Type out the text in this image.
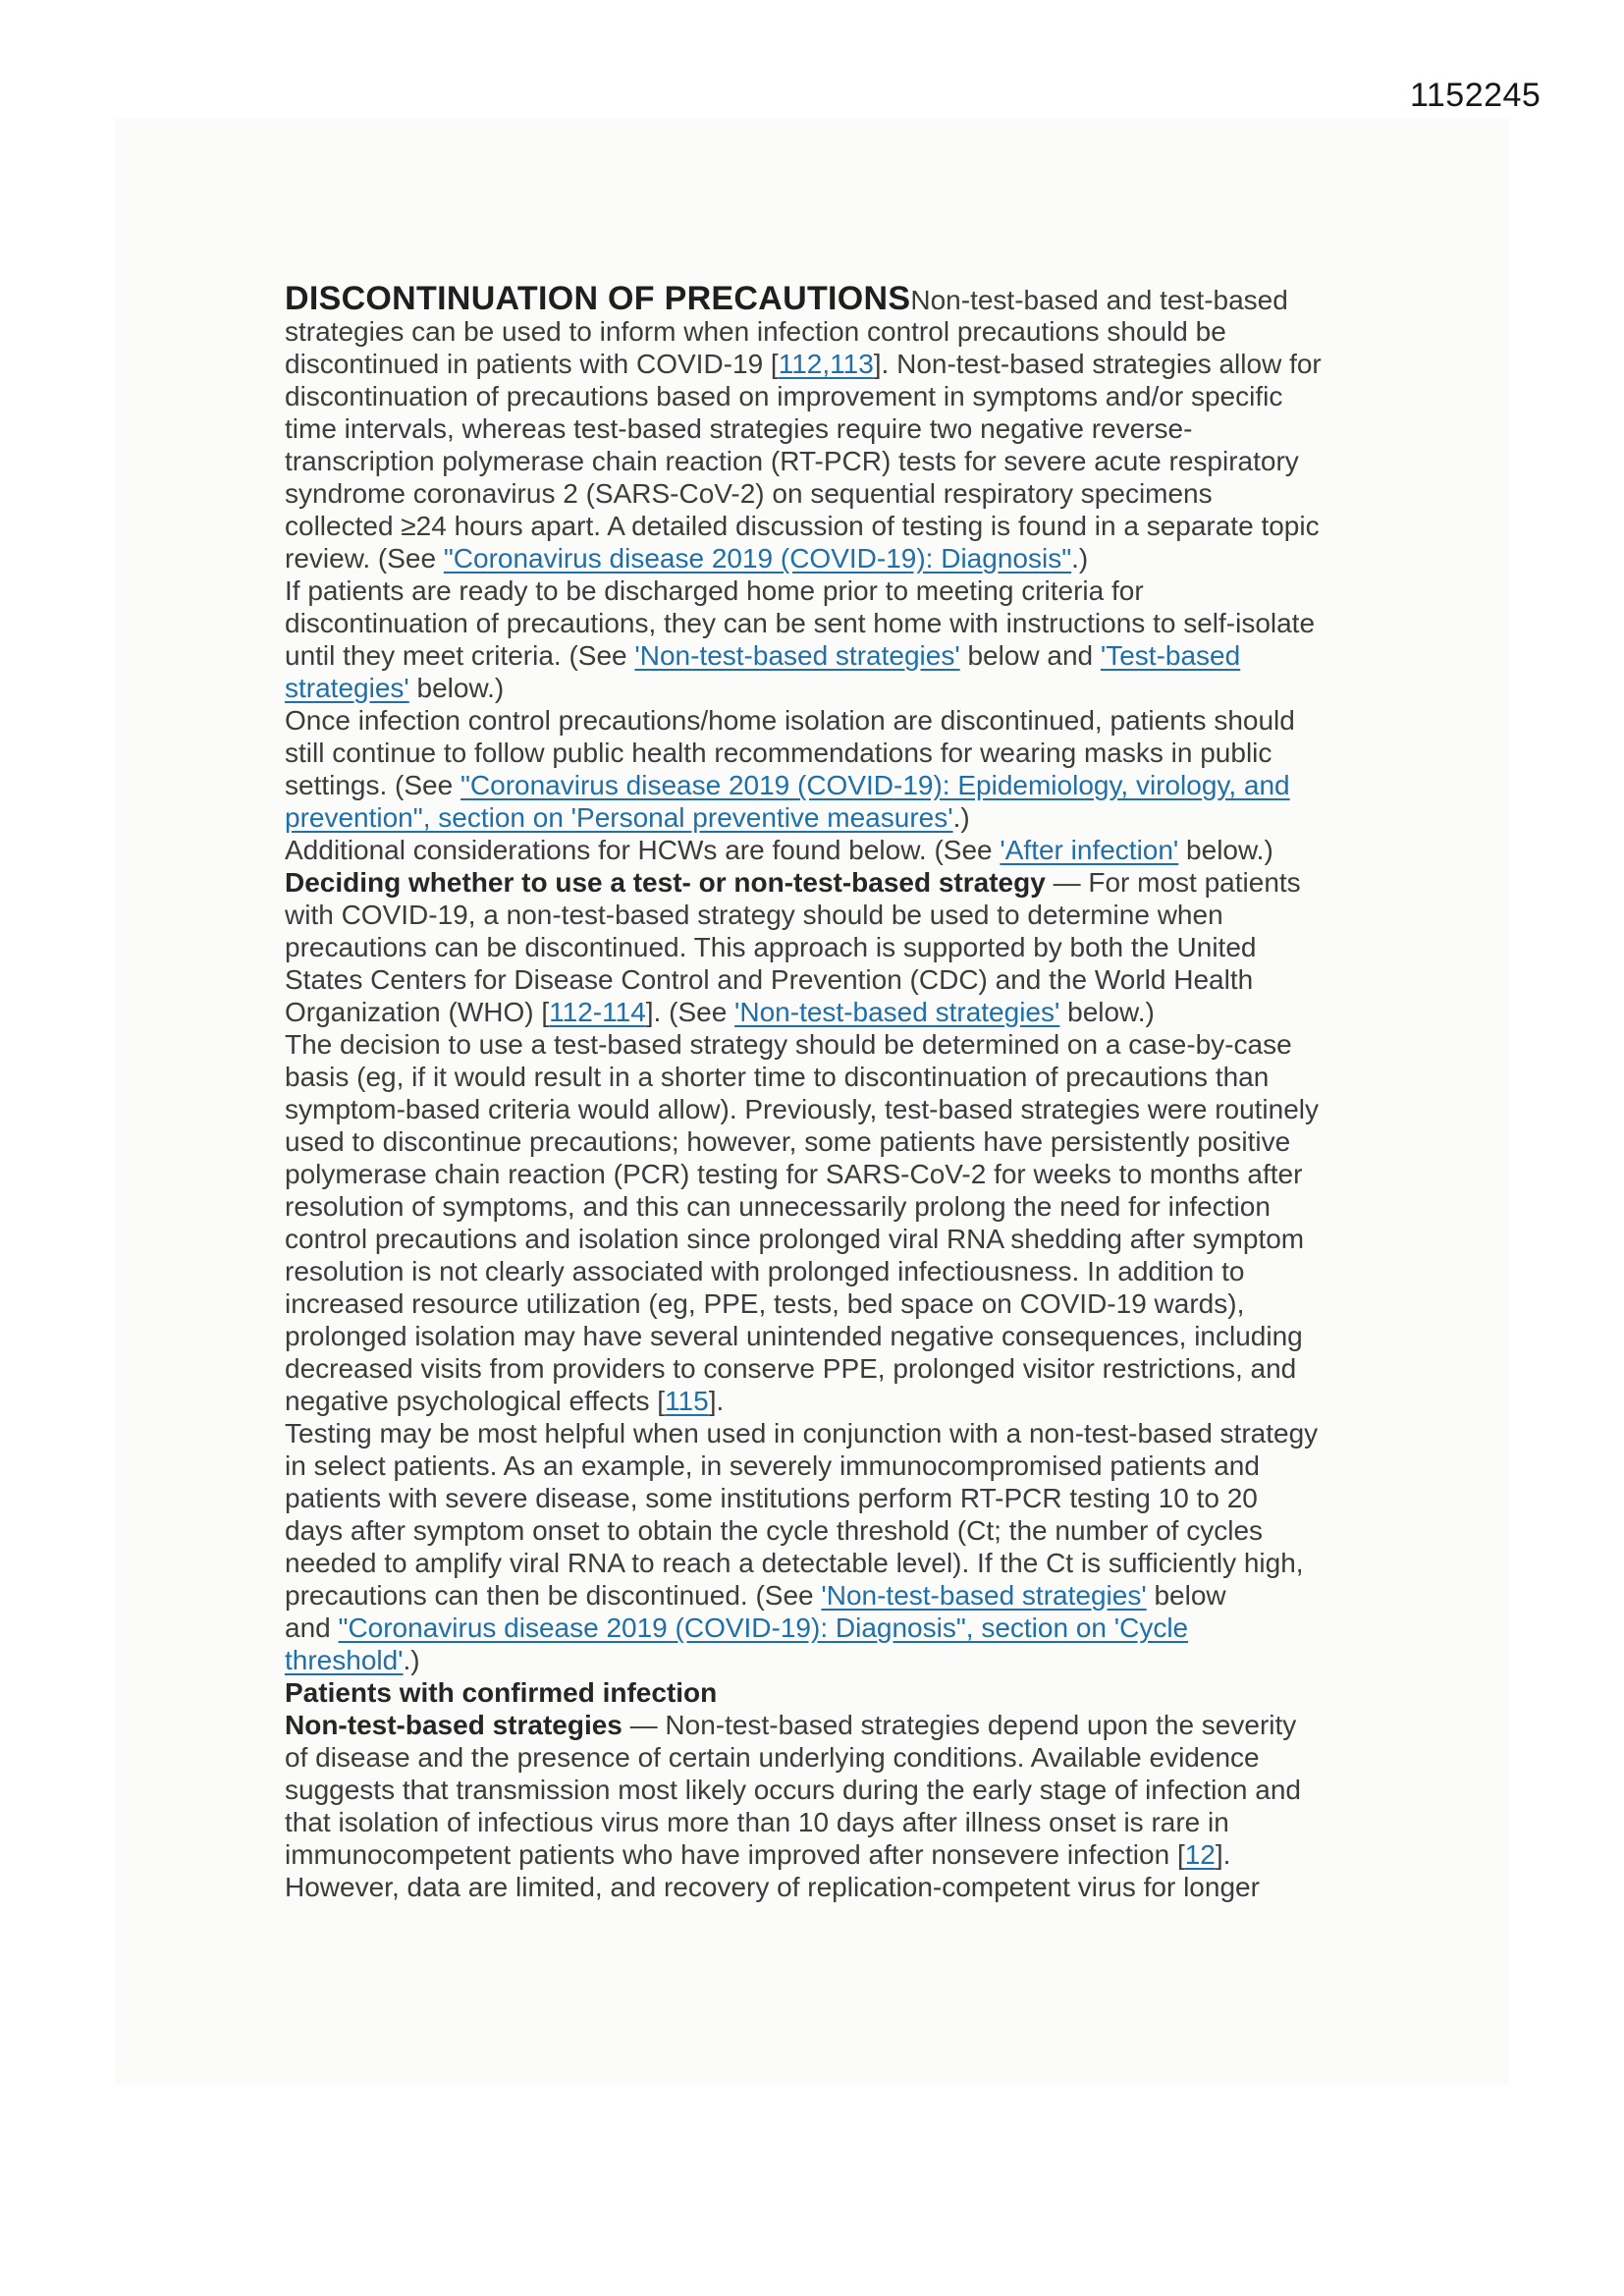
1152245
DISCONTINUATION OF PRECAUTIONSNon-test-based and test-based
strategies can be used to inform when infection control precautions should be
discontinued in patients with COVID-19 [112,113]. Non-test-based strategies allow for
discontinuation of precautions based on improvement in symptoms and/or specific
time intervals, whereas test-based strategies require two negative reverse-
transcription polymerase chain reaction (RT-PCR) tests for severe acute respiratory
syndrome coronavirus 2 (SARS-CoV-2) on sequential respiratory specimens
collected ≥24 hours apart. A detailed discussion of testing is found in a separate topic
review. (See "Coronavirus disease 2019 (COVID-19): Diagnosis".)
If patients are ready to be discharged home prior to meeting criteria for
discontinuation of precautions, they can be sent home with instructions to self-isolate
until they meet criteria. (See 'Non-test-based strategies' below and 'Test-based
strategies' below.)
Once infection control precautions/home isolation are discontinued, patients should
still continue to follow public health recommendations for wearing masks in public
settings. (See "Coronavirus disease 2019 (COVID-19): Epidemiology, virology, and
prevention", section on 'Personal preventive measures'.)
Additional considerations for HCWs are found below. (See 'After infection' below.)
Deciding whether to use a test- or non-test-based strategy — For most patients
with COVID-19, a non-test-based strategy should be used to determine when
precautions can be discontinued. This approach is supported by both the United
States Centers for Disease Control and Prevention (CDC) and the World Health
Organization (WHO) [112-114]. (See 'Non-test-based strategies' below.)
The decision to use a test-based strategy should be determined on a case-by-case
basis (eg, if it would result in a shorter time to discontinuation of precautions than
symptom-based criteria would allow). Previously, test-based strategies were routinely
used to discontinue precautions; however, some patients have persistently positive
polymerase chain reaction (PCR) testing for SARS-CoV-2 for weeks to months after
resolution of symptoms, and this can unnecessarily prolong the need for infection
control precautions and isolation since prolonged viral RNA shedding after symptom
resolution is not clearly associated with prolonged infectiousness. In addition to
increased resource utilization (eg, PPE, tests, bed space on COVID-19 wards),
prolonged isolation may have several unintended negative consequences, including
decreased visits from providers to conserve PPE, prolonged visitor restrictions, and
negative psychological effects [115].
Testing may be most helpful when used in conjunction with a non-test-based strategy
in select patients. As an example, in severely immunocompromised patients and
patients with severe disease, some institutions perform RT-PCR testing 10 to 20
days after symptom onset to obtain the cycle threshold (Ct; the number of cycles
needed to amplify viral RNA to reach a detectable level). If the Ct is sufficiently high,
precautions can then be discontinued. (See 'Non-test-based strategies' below
and "Coronavirus disease 2019 (COVID-19): Diagnosis", section on 'Cycle
threshold'.)
Patients with confirmed infection
Non-test-based strategies — Non-test-based strategies depend upon the severity
of disease and the presence of certain underlying conditions. Available evidence
suggests that transmission most likely occurs during the early stage of infection and
that isolation of infectious virus more than 10 days after illness onset is rare in
immunocompetent patients who have improved after nonsevere infection [12].
However, data are limited, and recovery of replication-competent virus for longer
